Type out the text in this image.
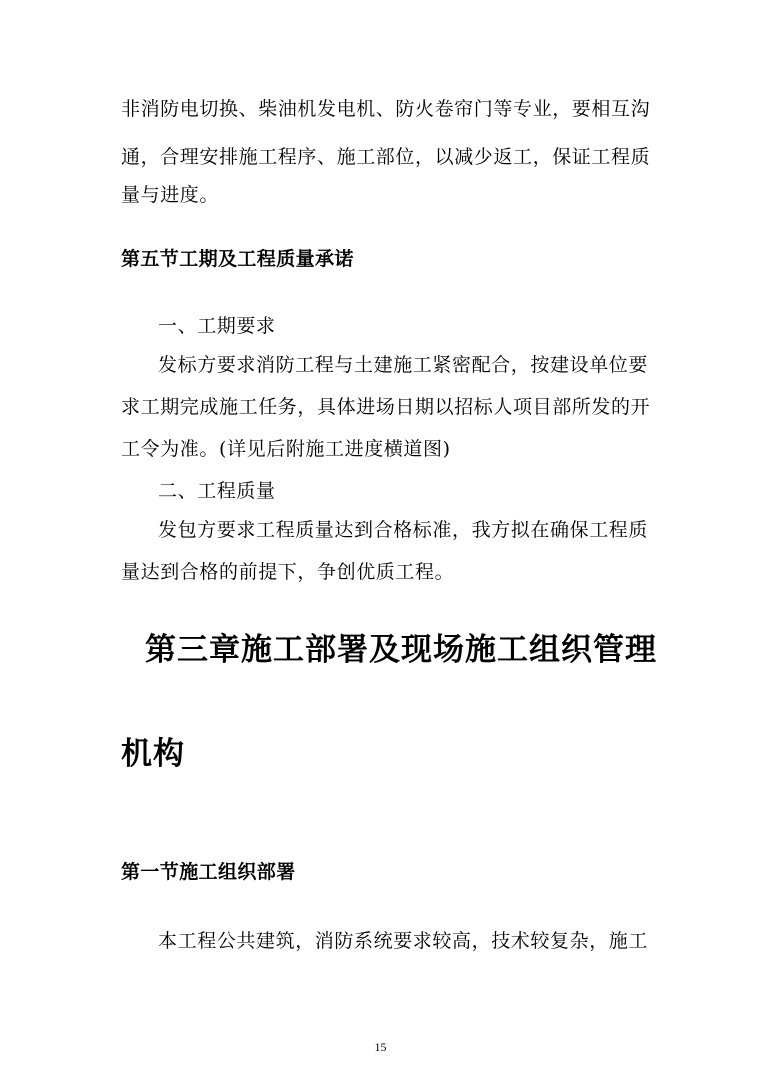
非消防电切换、柴油机发电机、防火卷帘门等专业，要相互沟
通，合理安排施工程序、施工部位，以减少返工，保证工程质
量与进度。
第五节工期及工程质量承诺
一、工期要求
发标方要求消防工程与土建施工紧密配合，按建设单位要
求工期完成施工任务，具体进场日期以招标人项目部所发的开
工令为准。(详见后附施工进度横道图)
二、工程质量
发包方要求工程质量达到合格标准，我方拟在确保工程质
量达到合格的前提下，争创优质工程。
第三章施工部署及现场施工组织管理
机构
第一节施工组织部署
本工程公共建筑，消防系统要求较高，技术较复杂，施工
15
